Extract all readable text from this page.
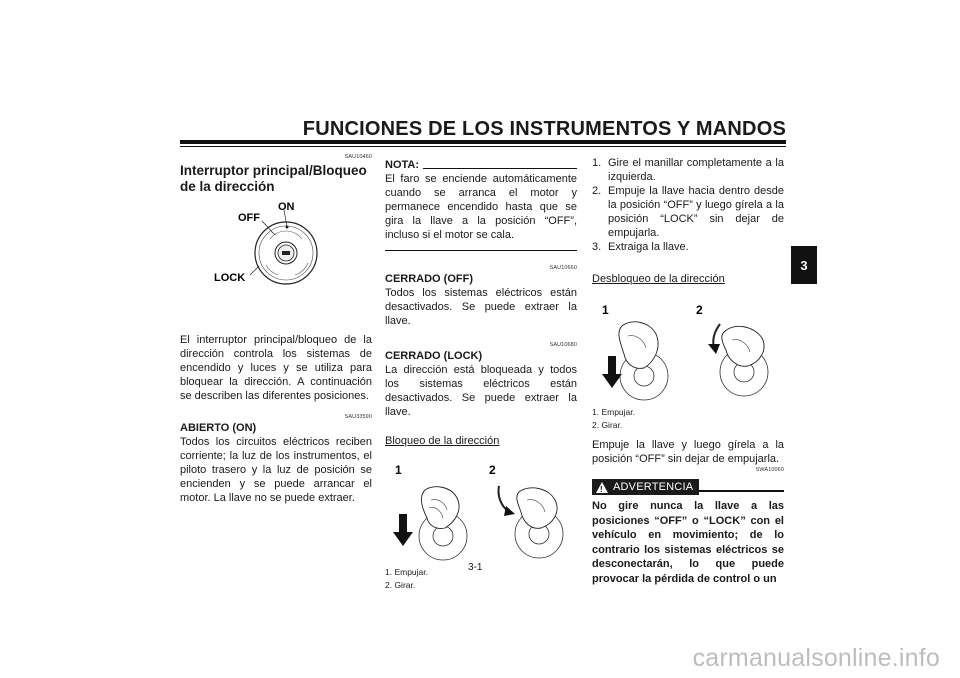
FUNCIONES DE LOS INSTRUMENTOS Y MANDOS
3
SAU10460
Interruptor principal/Bloqueo de la dirección
ON
OFF
LOCK
El interruptor principal/bloqueo de la dirección controla los sistemas de encendido y luces y se utiliza para bloquear la dirección. A continuación se describen las diferentes posiciones.
SAU33590
ABIERTO (ON)
Todos los circuitos eléctricos reciben corriente; la luz de los instrumentos, el piloto trasero y la luz de posición se encienden y se puede arrancar el motor. La llave no se puede extraer.
NOTA:
El faro se enciende automáticamente cuando se arranca el motor y permanece encendido hasta que se gira la llave a la posición “OFF”, incluso si el motor se cala.
SAU10660
CERRADO (OFF)
Todos los sistemas eléctricos están desactivados. Se puede extraer la llave.
SAU10680
CERRADO (LOCK)
La dirección está bloqueada y todos los sistemas eléctricos están desactivados. Se puede extraer la llave.
Bloqueo de la dirección
1	2
1. Empujar.
2. Girar.
1. Gire el manillar completamente a la izquierda.
2. Empuje la llave hacia dentro desde la posición “OFF” y luego gírela a la posición “LOCK” sin dejar de empujarla.
3. Extraiga la llave.
Desbloqueo de la dirección
1	2
1. Empujar.
2. Girar.
Empuje la llave y luego gírela a la posición “OFF” sin dejar de empujarla.
SWA10060
!
ADVERTENCIA
No gire nunca la llave a las posiciones “OFF” o “LOCK” con el vehículo en movimiento; de lo contrario los sistemas eléctricos se desconectarán, lo que puede provocar la pérdida de control o un
3-1
carmanualsonline.info
